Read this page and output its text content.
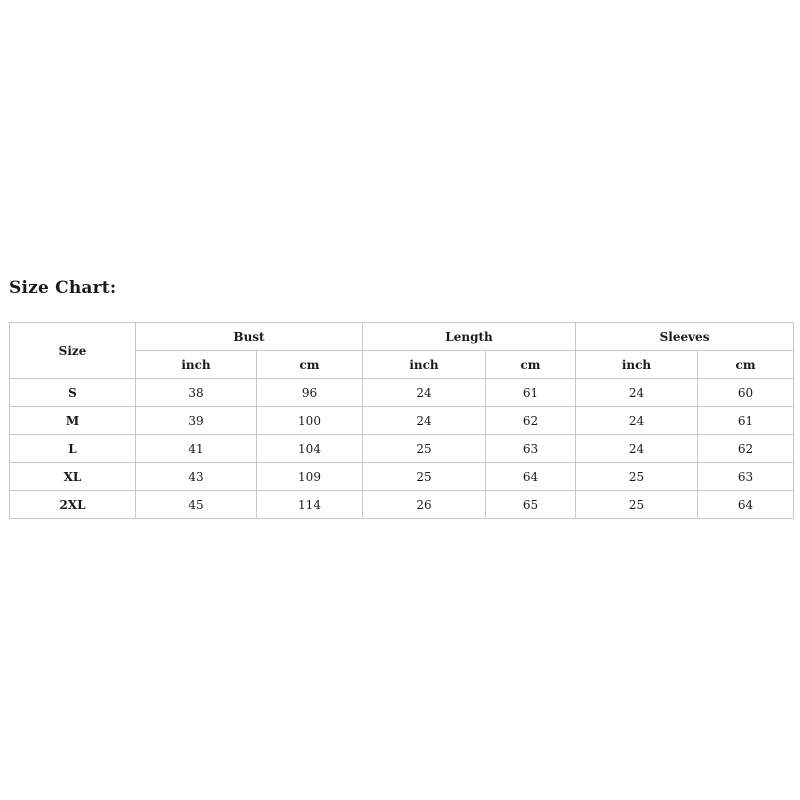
Size Chart:
Size	Bust		Length		Sleeves	
	inch	cm	inch	cm	inch	cm
S	38	96	24	61	24	60
M	39	100	24	62	24	61
L	41	104	25	63	24	62
XL	43	109	25	64	25	63
2XL	45	114	26	65	25	64
